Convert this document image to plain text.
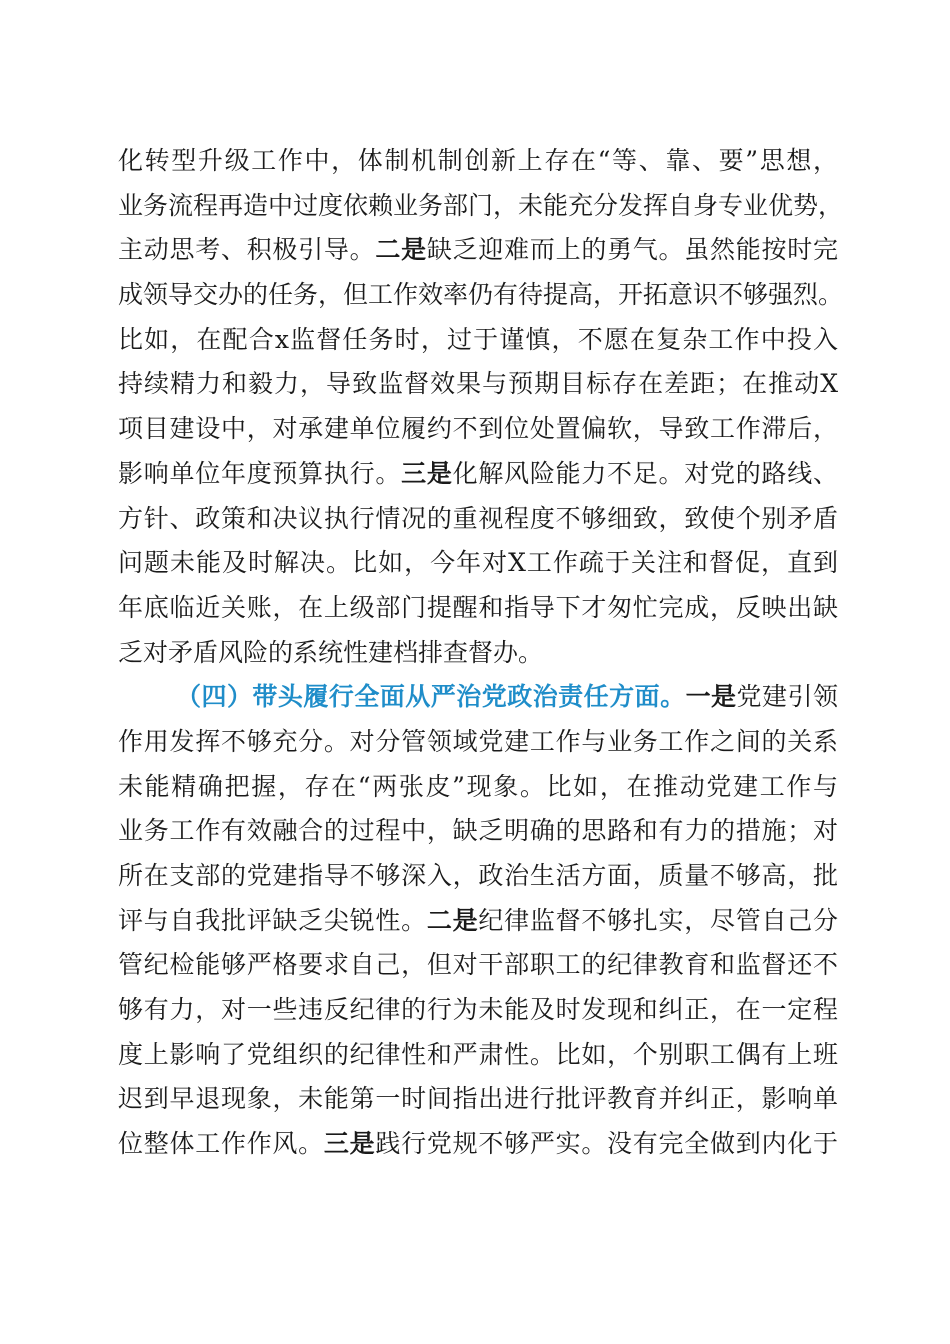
化转型升级工作中，体制机制创新上存在“等、靠、要”思想，
业务流程再造中过度依赖业务部门，未能充分发挥自身专业优势，
主动思考、积极引导。二是缺乏迎难而上的勇气。虽然能按时完
成领导交办的任务，但工作效率仍有待提高，开拓意识不够强烈。
比如，在配合x监督任务时，过于谨慎，不愿在复杂工作中投入
持续精力和毅力，导致监督效果与预期目标存在差距；在推动X
项目建设中，对承建单位履约不到位处置偏软，导致工作滞后，
影响单位年度预算执行。三是化解风险能力不足。对党的路线、
方针、政策和决议执行情况的重视程度不够细致，致使个别矛盾
问题未能及时解决。比如，今年对X工作疏于关注和督促，直到
年底临近关账，在上级部门提醒和指导下才匆忙完成，反映出缺
乏对矛盾风险的系统性建档排查督办。
（四）带头履行全面从严治党政治责任方面。一是党建引领
作用发挥不够充分。对分管领域党建工作与业务工作之间的关系
未能精确把握，存在“两张皮”现象。比如，在推动党建工作与
业务工作有效融合的过程中，缺乏明确的思路和有力的措施；对
所在支部的党建指导不够深入，政治生活方面，质量不够高，批
评与自我批评缺乏尖锐性。二是纪律监督不够扎实，尽管自己分
管纪检能够严格要求自己，但对干部职工的纪律教育和监督还不
够有力，对一些违反纪律的行为未能及时发现和纠正，在一定程
度上影响了党组织的纪律性和严肃性。比如，个别职工偶有上班
迟到早退现象，未能第一时间指出进行批评教育并纠正，影响单
位整体工作作风。三是践行党规不够严实。没有完全做到内化于
